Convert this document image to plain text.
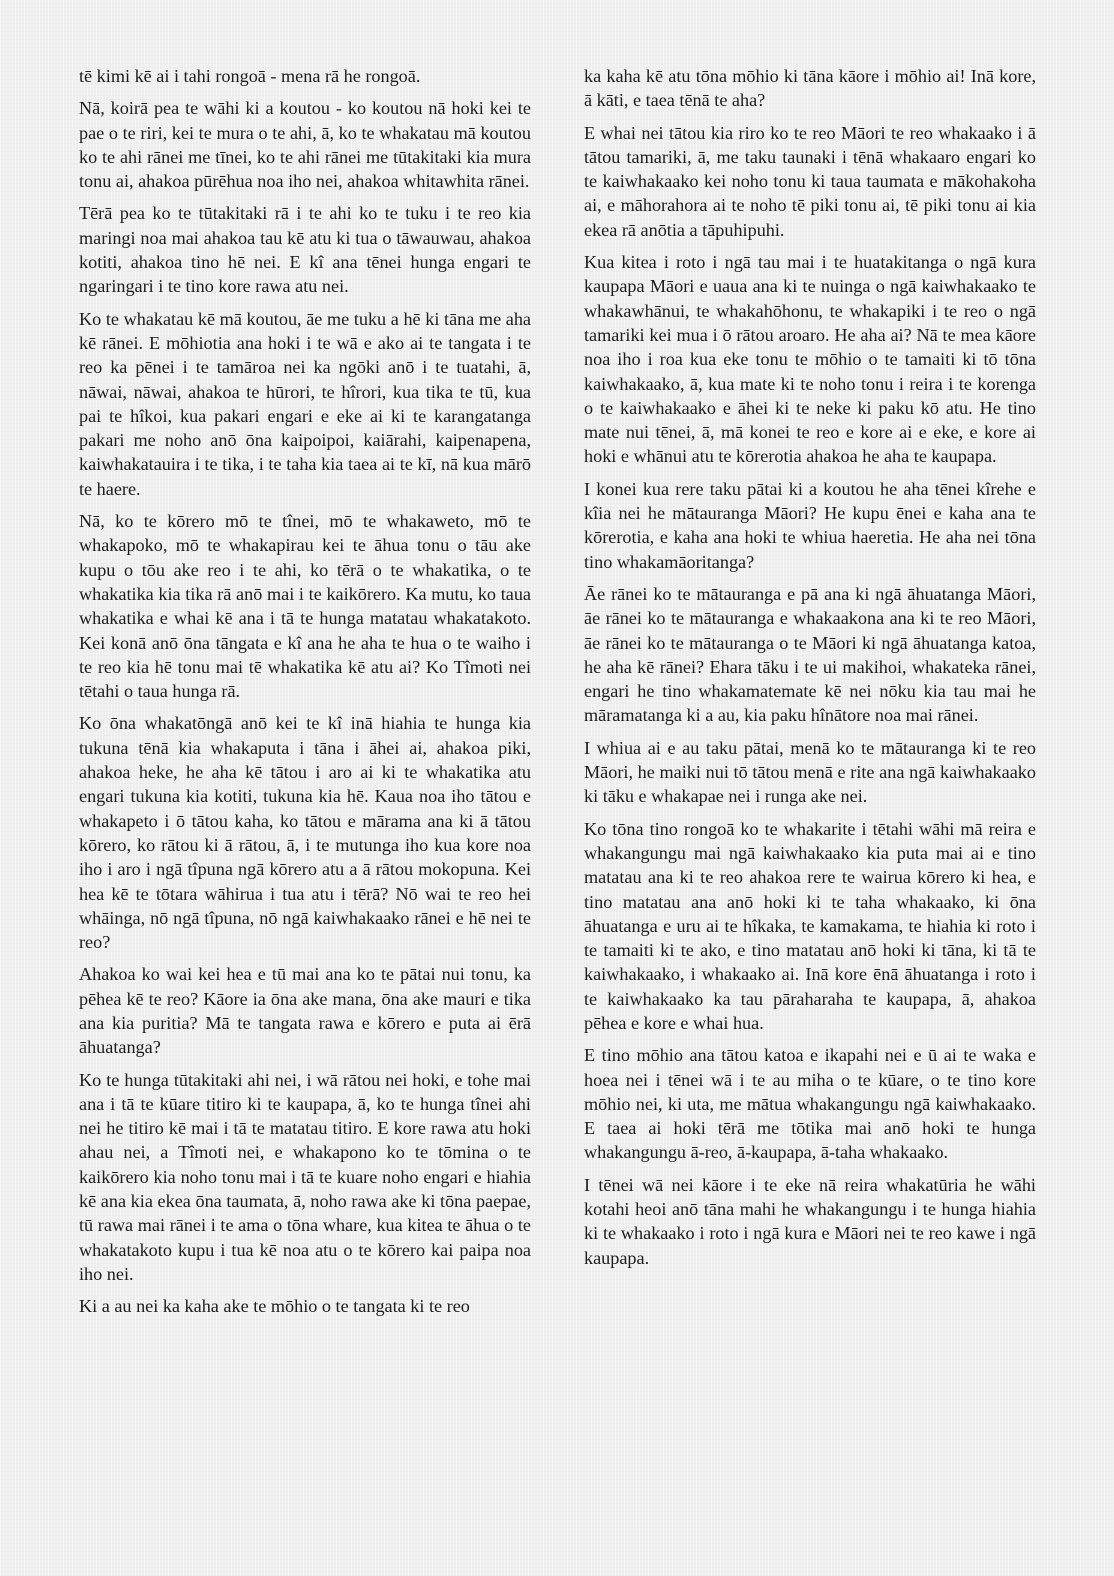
tē kimi kē ai i tahi rongoā - mena rā he rongoā.

Nā, koirā pea te wāhi ki a koutou - ko koutou nā hoki kei te pae o te riri, kei te mura o te ahi, ā, ko te whakatau mā koutou ko te ahi rānei me tīnei, ko te ahi rānei me tūtakitaki kia mura tonu ai, ahakoa pūrēhua noa iho nei, ahakoa whitawhita rānei.

Tērā pea ko te tūtakitaki rā i te ahi ko te tuku i te reo kia maringi noa mai ahakoa tau kē atu ki tua o tāwauwau, ahakoa kotiti, ahakoa tino hē nei. E kî ana tēnei hunga engari te ngaringari i te tino kore rawa atu nei.

Ko te whakatau kē mā koutou, āe me tuku a hē ki tāna me aha kē rānei. E mōhiotia ana hoki i te wā e ako ai te tangata i te reo ka pēnei i te tamāroa nei ka ngōki anō i te tuatahi, ā, nāwai, nāwai, ahakoa te hūrori, te hîrori, kua tika te tū, kua pai te hîkoi, kua pakari engari e eke ai ki te karangatanga pakari me noho anō ōna kaipoipoi, kaiārahi, kaipenapena, kaiwhakatauira i te tika, i te taha kia taea ai te kī, nā kua mārō te haere.

Nā, ko te kōrero mō te tînei, mō te whakaweto, mō te whakapoko, mō te whakapirau kei te āhua tonu o tāu ake kupu o tōu ake reo i te ahi, ko tērā o te whakatika, o te whakatika kia tika rā anō mai i te kaikōrero. Ka mutu, ko taua whakatika e whai kē ana i tā te hunga matatau whakatakoto. Kei konā anō ōna tāngata e kî ana he aha te hua o te waiho i te reo kia hē tonu mai tē whakatika kē atu ai? Ko Tîmoti nei tētahi o taua hunga rā.

Ko ōna whakatōngā anō kei te kî inā hiahia te hunga kia tukuna tēnā kia whakaputa i tāna i āhei ai, ahakoa piki, ahakoa heke, he aha kē tātou i aro ai ki te whakatika atu engari tukuna kia kotiti, tukuna kia hē. Kaua noa iho tātou e whakapeto i ō tātou kaha, ko tātou e mārama ana ki ā tātou kōrero, ko rātou ki ā rātou, ā, i te mutunga iho kua kore noa iho i aro i ngā tîpuna ngā kōrero atu a ā rātou mokopuna. Kei hea kē te tōtara wāhirua i tua atu i tērā? Nō wai te reo hei whāinga, nō ngā tîpuna, nō ngā kaiwhakaako rānei e hē nei te reo?

Ahakoa ko wai kei hea e tū mai ana ko te pātai nui tonu, ka pēhea kē te reo? Kāore ia ōna ake mana, ōna ake mauri e tika ana kia puritia? Mā te tangata rawa e kōrero e puta ai ērā āhuatanga?

Ko te hunga tūtakitaki ahi nei, i wā rātou nei hoki, e tohe mai ana i tā te kūare titiro ki te kaupapa, ā, ko te hunga tînei ahi nei he titiro kē mai i tā te matatau titiro. E kore rawa atu hoki ahau nei, a Tîmoti nei, e whakapono ko te tōmina o te kaikōrero kia noho tonu mai i tā te kuare noho engari e hiahia kē ana kia ekea ōna taumata, ā, noho rawa ake ki tōna paepae, tū rawa mai rānei i te ama o tōna whare, kua kitea te āhua o te whakatakoto kupu i tua kē noa atu o te kōrero kai paipa noa iho nei.

Ki a au nei ka kaha ake te mōhio o te tangata ki te reo

ka kaha kē atu tōna mōhio ki tāna kāore i mōhio ai! Inā kore, ā kāti, e taea tēnā te aha?

E whai nei tātou kia riro ko te reo Māori te reo whakaako i ā tātou tamariki, ā, me taku taunaki i tēnā whakaaro engari ko te kaiwhakaako kei noho tonu ki taua taumata e mākohakoha ai, e māhorahora ai te noho tē piki tonu ai, tē piki tonu ai kia ekea rā anōtia a tāpuhipuhi.

Kua kitea i roto i ngā tau mai i te huatakitanga o ngā kura kaupapa Māori e uaua ana ki te nuinga o ngā kaiwhakaako te whakawhānui, te whakahōhonu, te whakapiki i te reo o ngā tamariki kei mua i ō rātou aroaro. He aha ai? Nā te mea kāore noa iho i roa kua eke tonu te mōhio o te tamaiti ki tō tōna kaiwhakaako, ā, kua mate ki te noho tonu i reira i te korenga o te kaiwhakaako e āhei ki te neke ki paku kō atu. He tino mate nui tēnei, ā, mā konei te reo e kore ai e eke, e kore ai hoki e whānui atu te kōrerotia ahakoa he aha te kaupapa.

I konei kua rere taku pātai ki a koutou he aha tēnei kîrehe e kîia nei he mātauranga Māori? He kupu ēnei e kaha ana te kōrerotia, e kaha ana hoki te whiua haeretia. He aha nei tōna tino whakamāoritanga?

Āe rānei ko te mātauranga e pā ana ki ngā āhuatanga Māori, āe rānei ko te mātauranga e whakaakona ana ki te reo Māori, āe rānei ko te mātauranga o te Māori ki ngā āhuatanga katoa, he aha kē rānei? Ehara tāku i te ui makihoi, whakateka rānei, engari he tino whakamatemate kē nei nōku kia tau mai he māramatanga ki a au, kia paku hînātore noa mai rānei.

I whiua ai e au taku pātai, menā ko te mātauranga ki te reo Māori, he maiki nui tō tātou menā e rite ana ngā kaiwhakaako ki tāku e whakapae nei i runga ake nei.

Ko tōna tino rongoā ko te whakarite i tētahi wāhi mā reira e whakangungu mai ngā kaiwhakaako kia puta mai ai e tino matatau ana ki te reo ahakoa rere te wairua kōrero ki hea, e tino matatau ana anō hoki ki te taha whakaako, ki ōna āhuatanga e uru ai te hîkaka, te kamakama, te hiahia ki roto i te tamaiti ki te ako, e tino matatau anō hoki ki tāna, ki tā te kaiwhakaako, i whakaako ai. Inā kore ēnā āhuatanga i roto i te kaiwhakaako ka tau pāraharaha te kaupapa, ā, ahakoa pēhea e kore e whai hua.

E tino mōhio ana tātou katoa e ikapahi nei e ū ai te waka e hoea nei i tēnei wā i te au miha o te kūare, o te tino kore mōhio nei, ki uta, me mātua whakangungu ngā kaiwhakaako. E taea ai hoki tērā me tōtika mai anō hoki te hunga whakangungu ā-reo, ā-kaupapa, ā-taha whakaako.

I tēnei wā nei kāore i te eke nā reira whakatūria he wāhi kotahi heoi anō tāna mahi he whakangungu i te hunga hiahia ki te whakaako i roto i ngā kura e Māori nei te reo kawe i ngā kaupapa.
